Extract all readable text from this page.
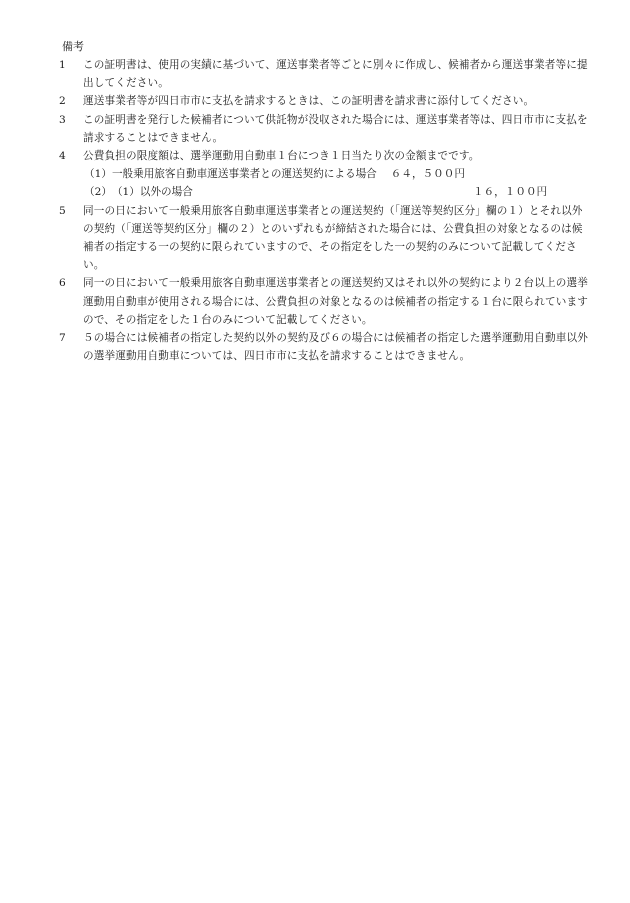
備考
1	この証明書は、使用の実績に基づいて、運送事業者等ごとに別々に作成し、候補者から運送事業者等に提出してください。
2	運送事業者等が四日市市に支払を請求するときは、この証明書を請求書に添付してください。
3	この証明書を発行した候補者について供託物が没収された場合には、運送事業者等は、四日市市に支払を請求することはできません。
4	公費負担の限度額は、選挙運動用自動車１台につき１日当たり次の金額までです。
（1） 一般乗用旅客自動車運送事業者との運送契約による場合 ６４，５００円
（2） （1）以外の場合	１６，１００円
5	同一の日において一般乗用旅客自動車運送事業者との運送契約（「運送等契約区分」欄の１）とそれ以外の契約（「運送等契約区分」欄の２）とのいずれもが締結された場合には、公費負担の対象となるのは候補者の指定する一の契約に限られていますので、その指定をした一の契約のみについて記載してください。
6	同一の日において一般乗用旅客自動車運送事業者との運送契約又はそれ以外の契約により２台以上の選挙運動用自動車が使用される場合には、公費負担の対象となるのは候補者の指定する１台に限られていますので、その指定をした１台のみについて記載してください。
7	５の場合には候補者の指定した契約以外の契約及び６の場合には候補者の指定した選挙運動用自動車以外の選挙運動用自動車については、四日市市に支払を請求することはできません。
